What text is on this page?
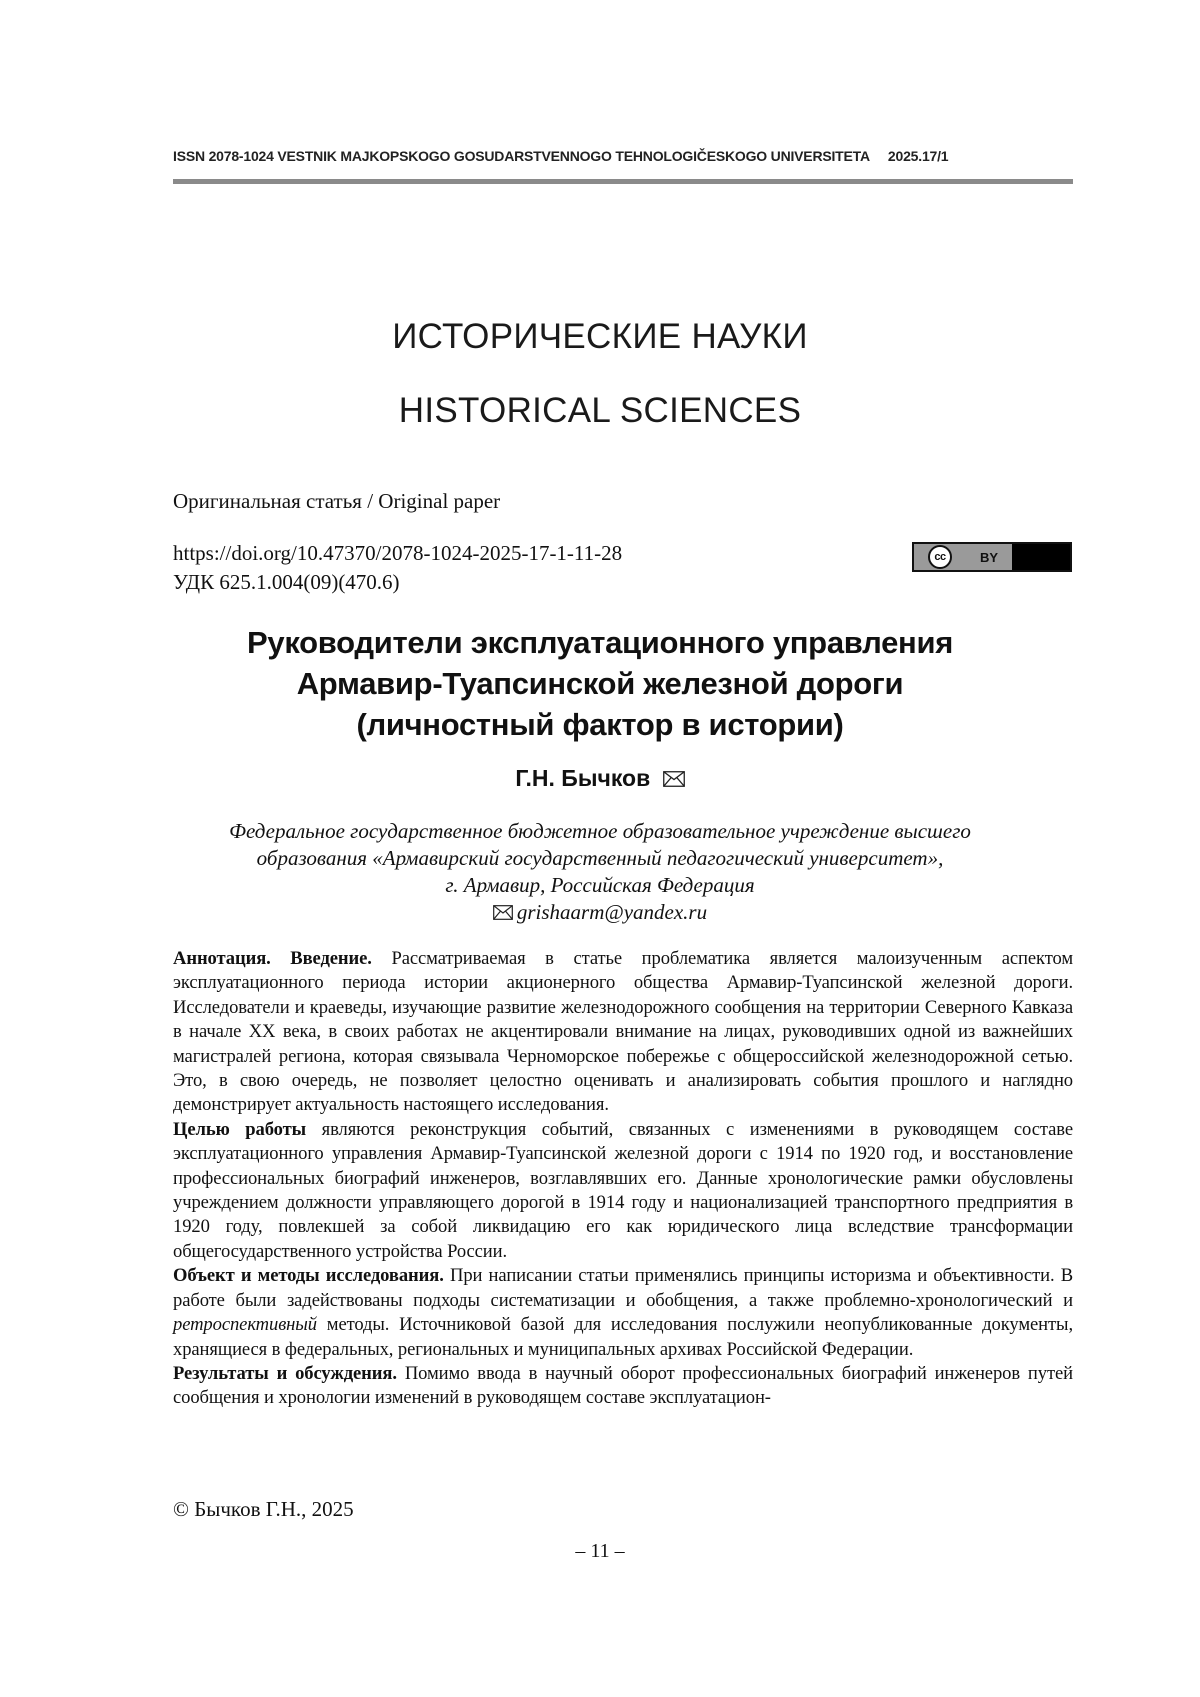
ISSN 2078-1024 VESTNIK MAJKOPSKOGO GOSUDARSTVENNOGO TEHNOLOGIČESKOGO UNIVERSITETA 2025.17/1
ИСТОРИЧЕСКИЕ НАУКИ
HISTORICAL SCIENCES
Оригинальная статья / Original paper
https://doi.org/10.47370/2078-1024-2025-17-1-11-28
УДК 625.1.004(09)(470.6)
cc	BY
Руководители эксплуатационного управления
Армавир-Туапсинской железной дороги
(личностный фактор в истории)
Г.Н. Бычков
Федеральное государственное бюджетное образовательное учреждение высшего
образования «Армавирский государственный педагогический университет»,
г. Армавир, Российская Федерация
grishaarm@yandex.ru

Аннотация. Введение. Рассматриваемая в статье проблематика является малоизученным аспектом эксплуатационного периода истории акционерного общества Армавир-Туапсинской железной дороги. Исследователи и краеведы, изучающие развитие железнодорожного сообщения на территории Северного Кавказа в начале XX века, в своих работах не акцентировали внимание на лицах, руководивших одной из важнейших магистралей региона, которая связывала Черноморское побережье с общероссийской железнодорожной сетью. Это, в свою очередь, не позволяет целостно оценивать и анализировать события прошлого и наглядно демонстрирует актуальность настоящего исследования.

Целью работы являются реконструкция событий, связанных с изменениями в руководящем составе эксплуатационного управления Армавир-Туапсинской железной дороги с 1914 по 1920 год, и восстановление профессиональных биографий инженеров, возглавлявших его. Данные хронологические рамки обусловлены учреждением должности управляющего дорогой в 1914 году и национализацией транспортного предприятия в 1920 году, повлекшей за собой ликвидацию его как юридического лица вследствие трансформации общегосударственного устройства России.

Объект и методы исследования. При написании статьи применялись принципы историзма и объективности. В работе были задействованы подходы систематизации и обобщения, а также проблемно-хронологический и ретроспективный методы. Источниковой базой для исследования послужили неопубликованные документы, хранящиеся в федеральных, региональных и муниципальных архивах Российской Федерации.

Результаты и обсуждения. Помимо ввода в научный оборот профессиональных биографий инженеров путей сообщения и хронологии изменений в руководящем составе эксплуатацион-

© Бычков Г.Н., 2025
– 11 –
